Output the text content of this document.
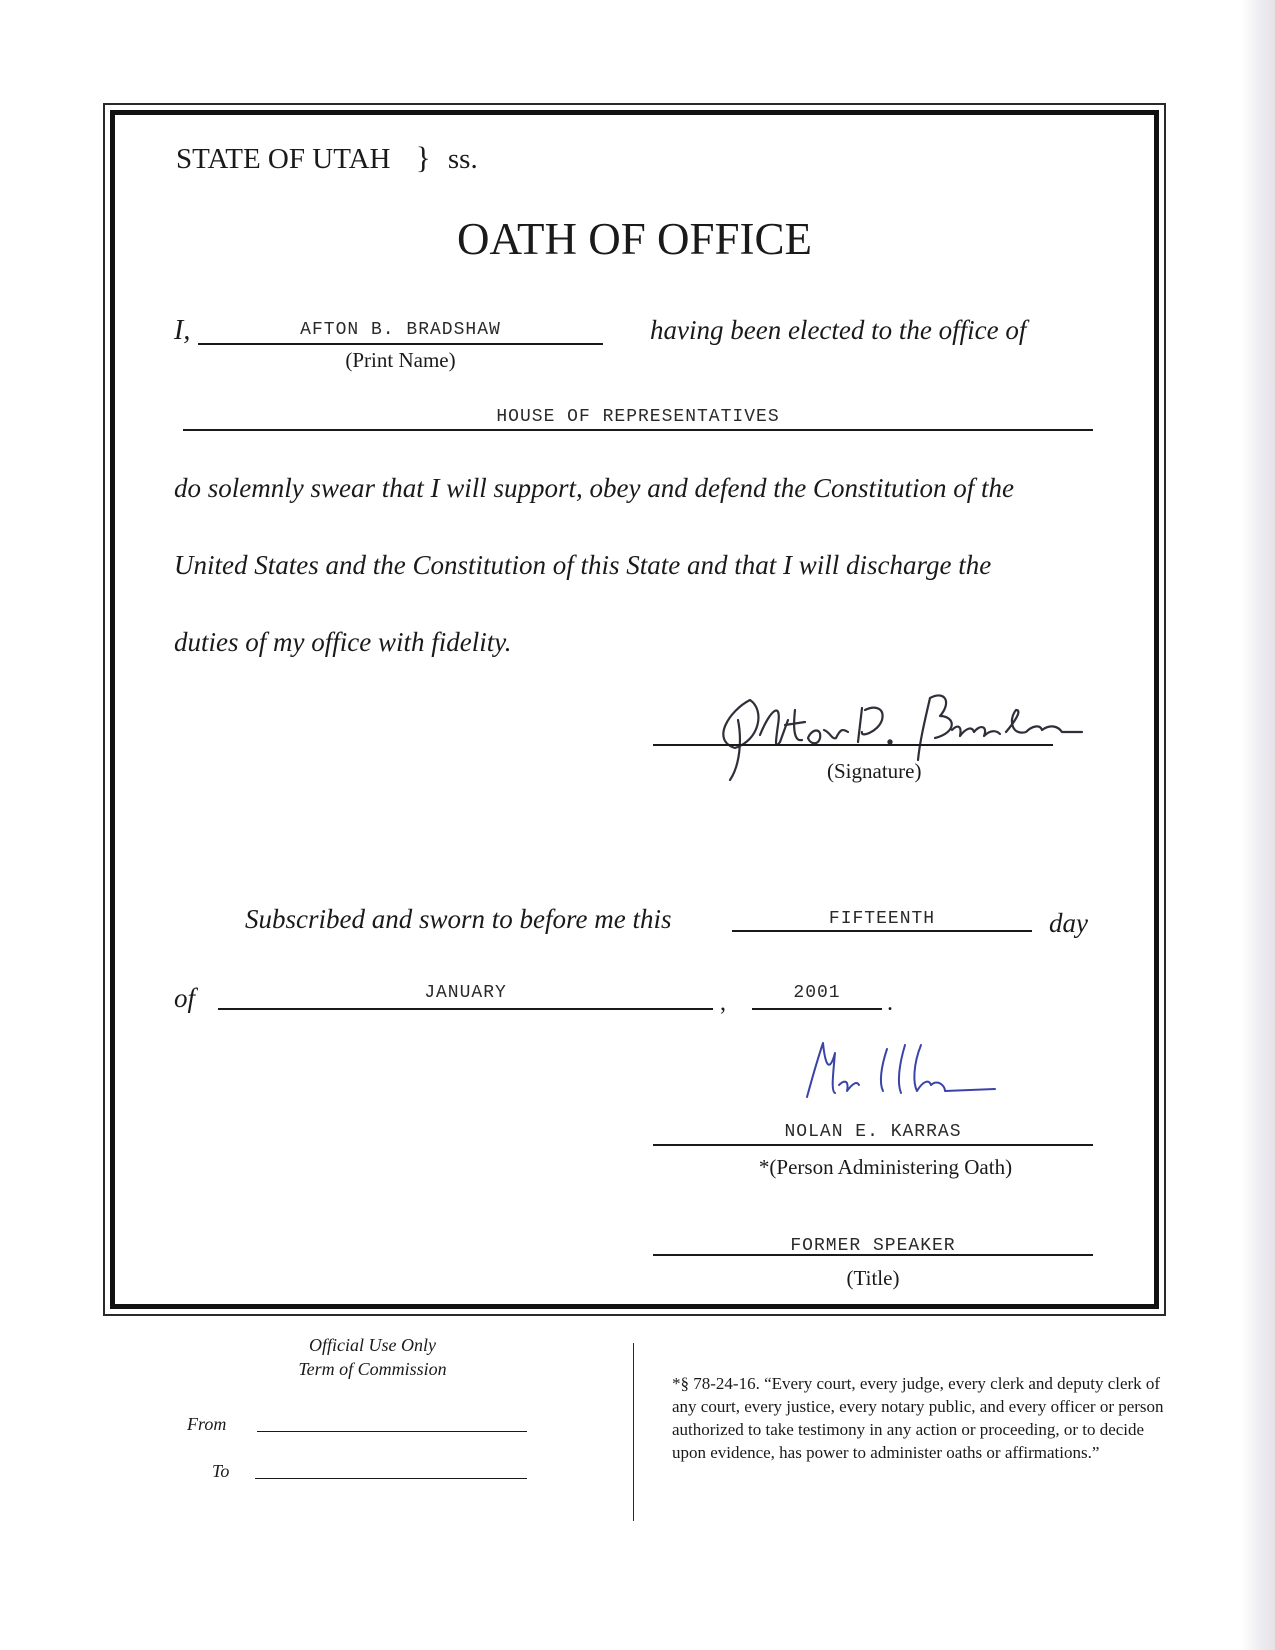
STATE OF UTAH } ss.
OATH OF OFFICE
I,	AFTON B. BRADSHAW
(Print Name)
having been elected to the office of
HOUSE OF REPRESENTATIVES
do solemnly swear that I will support, obey and defend the Constitution of the
United States and the Constitution of this State and that I will discharge the
duties of my office with fidelity.
(Signature)
Subscribed and sworn to before me this	FIFTEENTH	day
of	JANUARY	,	2001	.
NOLAN E. KARRAS
*(Person Administering Oath)
FORMER SPEAKER
(Title)
Official Use Only
Term of Commission
From
To
*§ 78-24-16. “Every court, every judge, every clerk and deputy clerk of any court, every justice, every notary public, and every officer or person authorized to take testimony in any action or proceeding, or to decide upon evidence, has power to administer oaths or affirmations.”
